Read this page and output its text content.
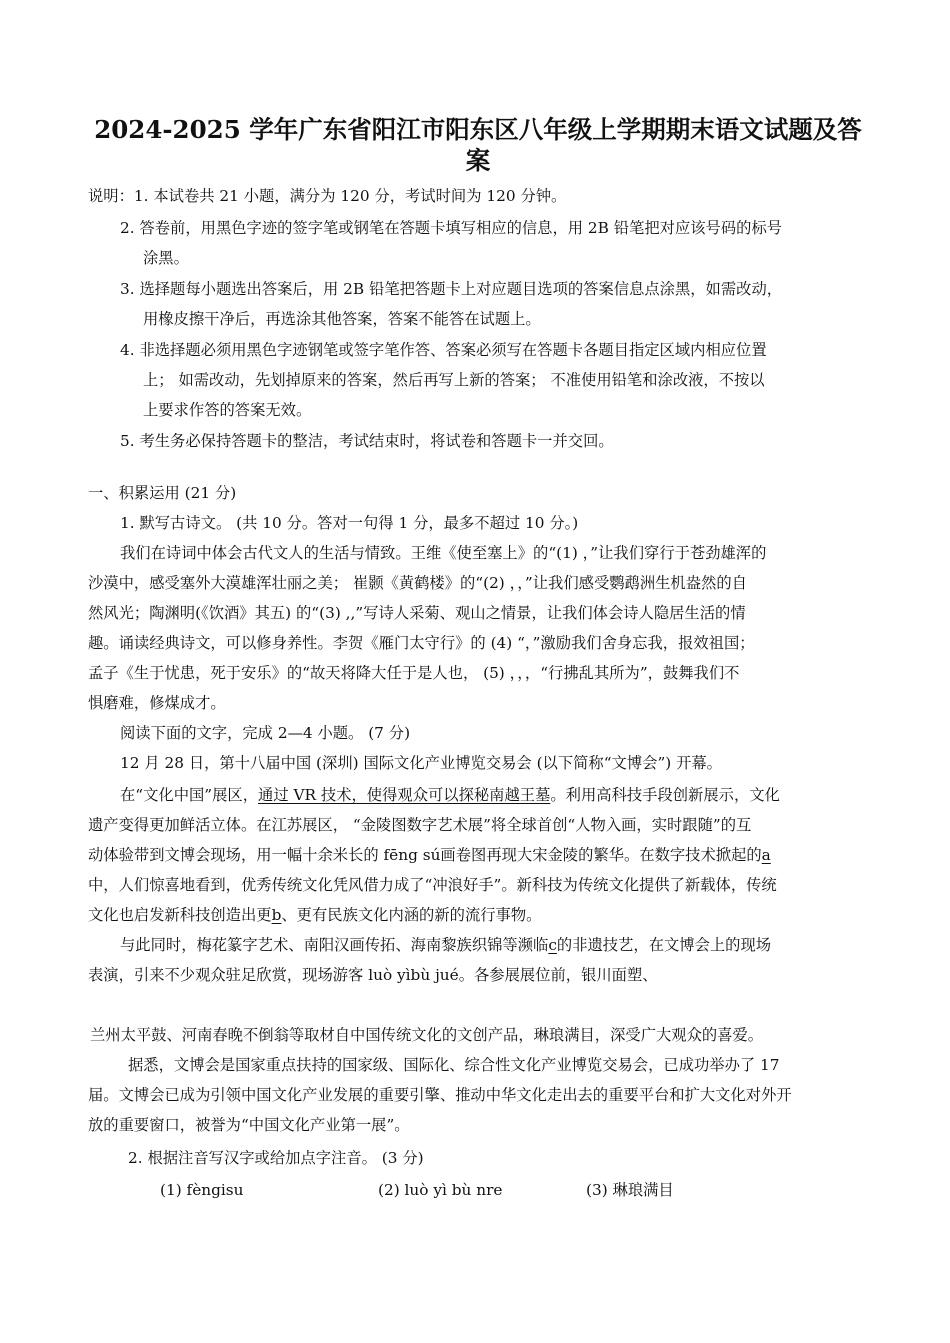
2024-2025 学年广东省阳江市阳东区八年级上学期期末语文试题及答
案
说明：1. 本试卷共 21 小题，满分为 120 分，考试时间为 120 分钟。
2. 答卷前，用黑色字迹的签字笔或钢笔在答题卡填写相应的信息，用 2B 铅笔把对应该号码的标号
涂黑。
3. 选择题每小题选出答案后，用 2B 铅笔把答题卡上对应题目选项的答案信息点涂黑，如需改动，
用橡皮擦干净后，再选涂其他答案，答案不能答在试题上。
4. 非选择题必须用黑色字迹钢笔或签字笔作答、答案必须写在答题卡各题目指定区域内相应位置
上； 如需改动，先划掉原来的答案，然后再写上新的答案； 不准使用铅笔和涂改液，不按以
上要求作答的答案无效。
5. 考生务必保持答题卡的整洁，考试结束时，将试卷和答题卡一并交回。
一、积累运用 (21 分)
1. 默写古诗文。 (共 10 分。答对一句得 1 分，最多不超过 10 分。)
我们在诗词中体会古代文人的生活与情致。王维《使至塞上》的“(1) ，”让我们穿行于苍劲雄浑的
沙漠中，感受塞外大漠雄浑壮丽之美； 崔颢《黄鹤楼》的“(2) ，，”让我们感受鹦鹉洲生机盎然的自
然风光；陶渊明(《饮酒》其五) 的“(3) ,,”写诗人采菊、观山之情景，让我们体会诗人隐居生活的情
趣。诵读经典诗文，可以修身养性。李贺《雁门太守行》的 (4) “，”激励我们舍身忘我，报效祖国；
孟子《生于忧患，死于安乐》的“故天将降大任于是人也， (5) ，，，“行拂乱其所为”，鼓舞我们不
惧磨难，修煤成才。
阅读下面的文字，完成 2—4 小题。 (7 分)
12 月 28 日，第十八届中国 (深圳) 国际文化产业博览交易会 (以下简称“文博会”) 开幕。
在“文化中国”展区，通过 VR 技术，使得观众可以探秘南越王墓。利用高科技手段创新展示，文化
遗产变得更加鲜活立体。在江苏展区， “金陵图数字艺术展”将全球首创“人物入画，实时跟随”的互
动体验带到文博会现场，用一幅十余米长的 fēng sú画卷图再现大宋金陵的繁华。在数字技术掀起的a
中，人们惊喜地看到，优秀传统文化凭风借力成了“冲浪好手”。新科技为传统文化提供了新载体，传统
文化也启发新科技创造出更b、更有民族文化内涵的新的流行事物。
与此同时，梅花篆字艺术、南阳汉画传拓、海南黎族织锦等濒临c的非遗技艺，在文博会上的现场
表演，引来不少观众驻足欣赏，现场游客 luò yìbù jué。各参展展位前，银川面塑、
兰州太平鼓、河南春晚不倒翁等取材自中国传统文化的文创产品，琳琅满目，深受广大观众的喜爱。
据悉，文博会是国家重点扶持的国家级、国际化、综合性文化产业博览交易会，已成功举办了 17
届。文博会已成为引领中国文化产业发展的重要引擎、推动中华文化走出去的重要平台和扩大文化对外开
放的重要窗口，被誉为“中国文化产业第一展”。
2. 根据注音写汉字或给加点字注音。 (3 分)
(1) fèngisu	(2) luò yì bù nre	(3) 琳琅满目
